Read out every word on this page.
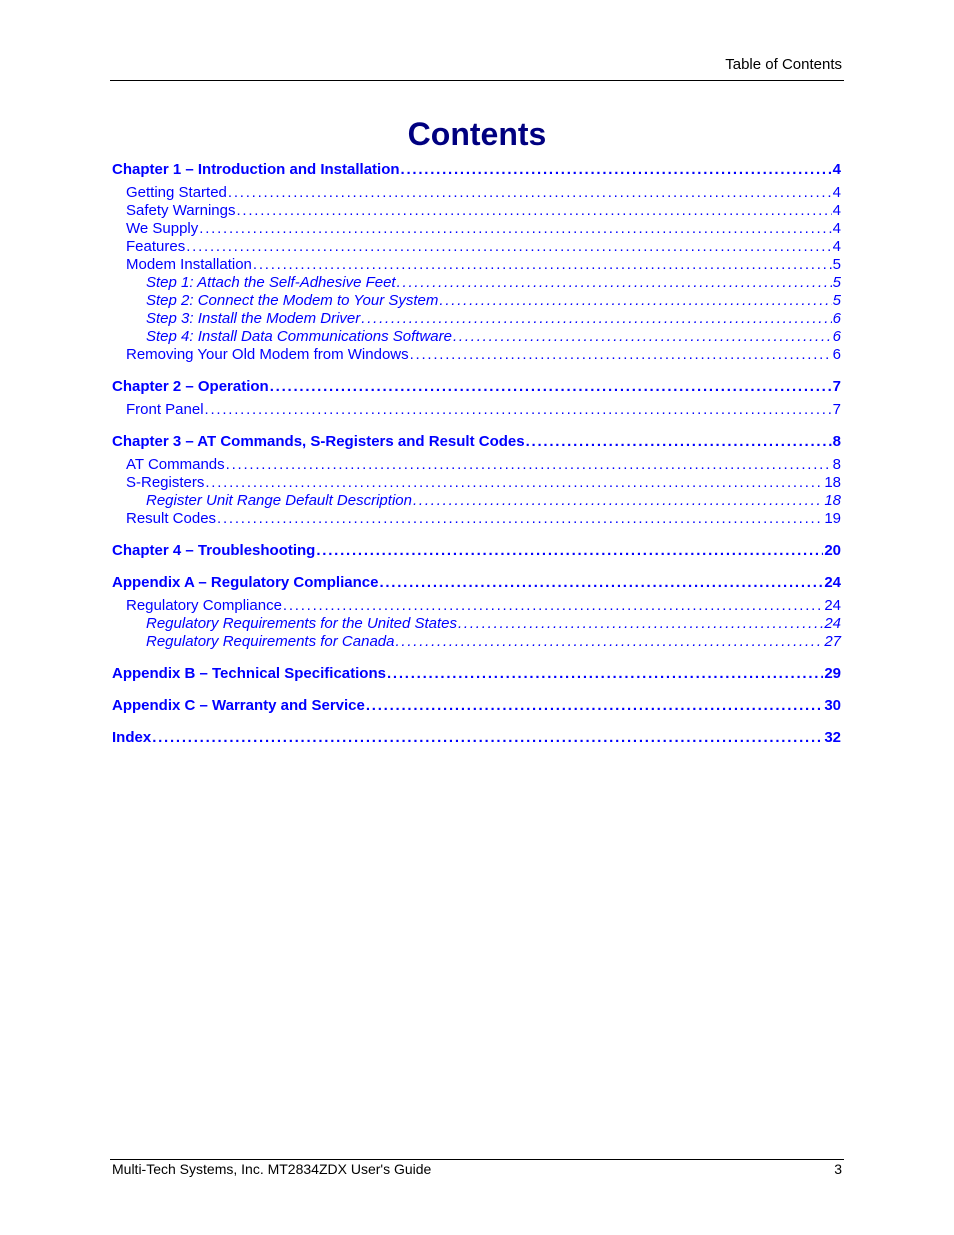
Table of Contents
Contents
Chapter 1 – Introduction and Installation . . .	4
Getting Started . . .	4
Safety Warnings . . .	4
We Supply . . .	4
Features . . .	4
Modem Installation . . .	5
Step 1: Attach the Self-Adhesive Feet . . .	5
Step 2: Connect the Modem to Your System . . .	5
Step 3: Install the Modem Driver . . .	6
Step 4: Install Data Communications Software . . .	6
Removing Your Old Modem from Windows . . .	6
Chapter 2 – Operation . . .	7
Front Panel . . .	7
Chapter 3 – AT Commands, S-Registers and Result Codes . . .	8
AT Commands . . .	8
S-Registers . . .	18
Register Unit Range Default Description . . .	18
Result Codes . . .	19
Chapter 4 – Troubleshooting . . .	20
Appendix A – Regulatory Compliance . . .	24
Regulatory Compliance . . .	24
Regulatory Requirements for the United States . . .	24
Regulatory Requirements for Canada . . .	27
Appendix B – Technical Specifications . . .	29
Appendix C – Warranty and Service . . .	30
Index . . .	32
Multi-Tech Systems, Inc. MT2834ZDX User's Guide	3
